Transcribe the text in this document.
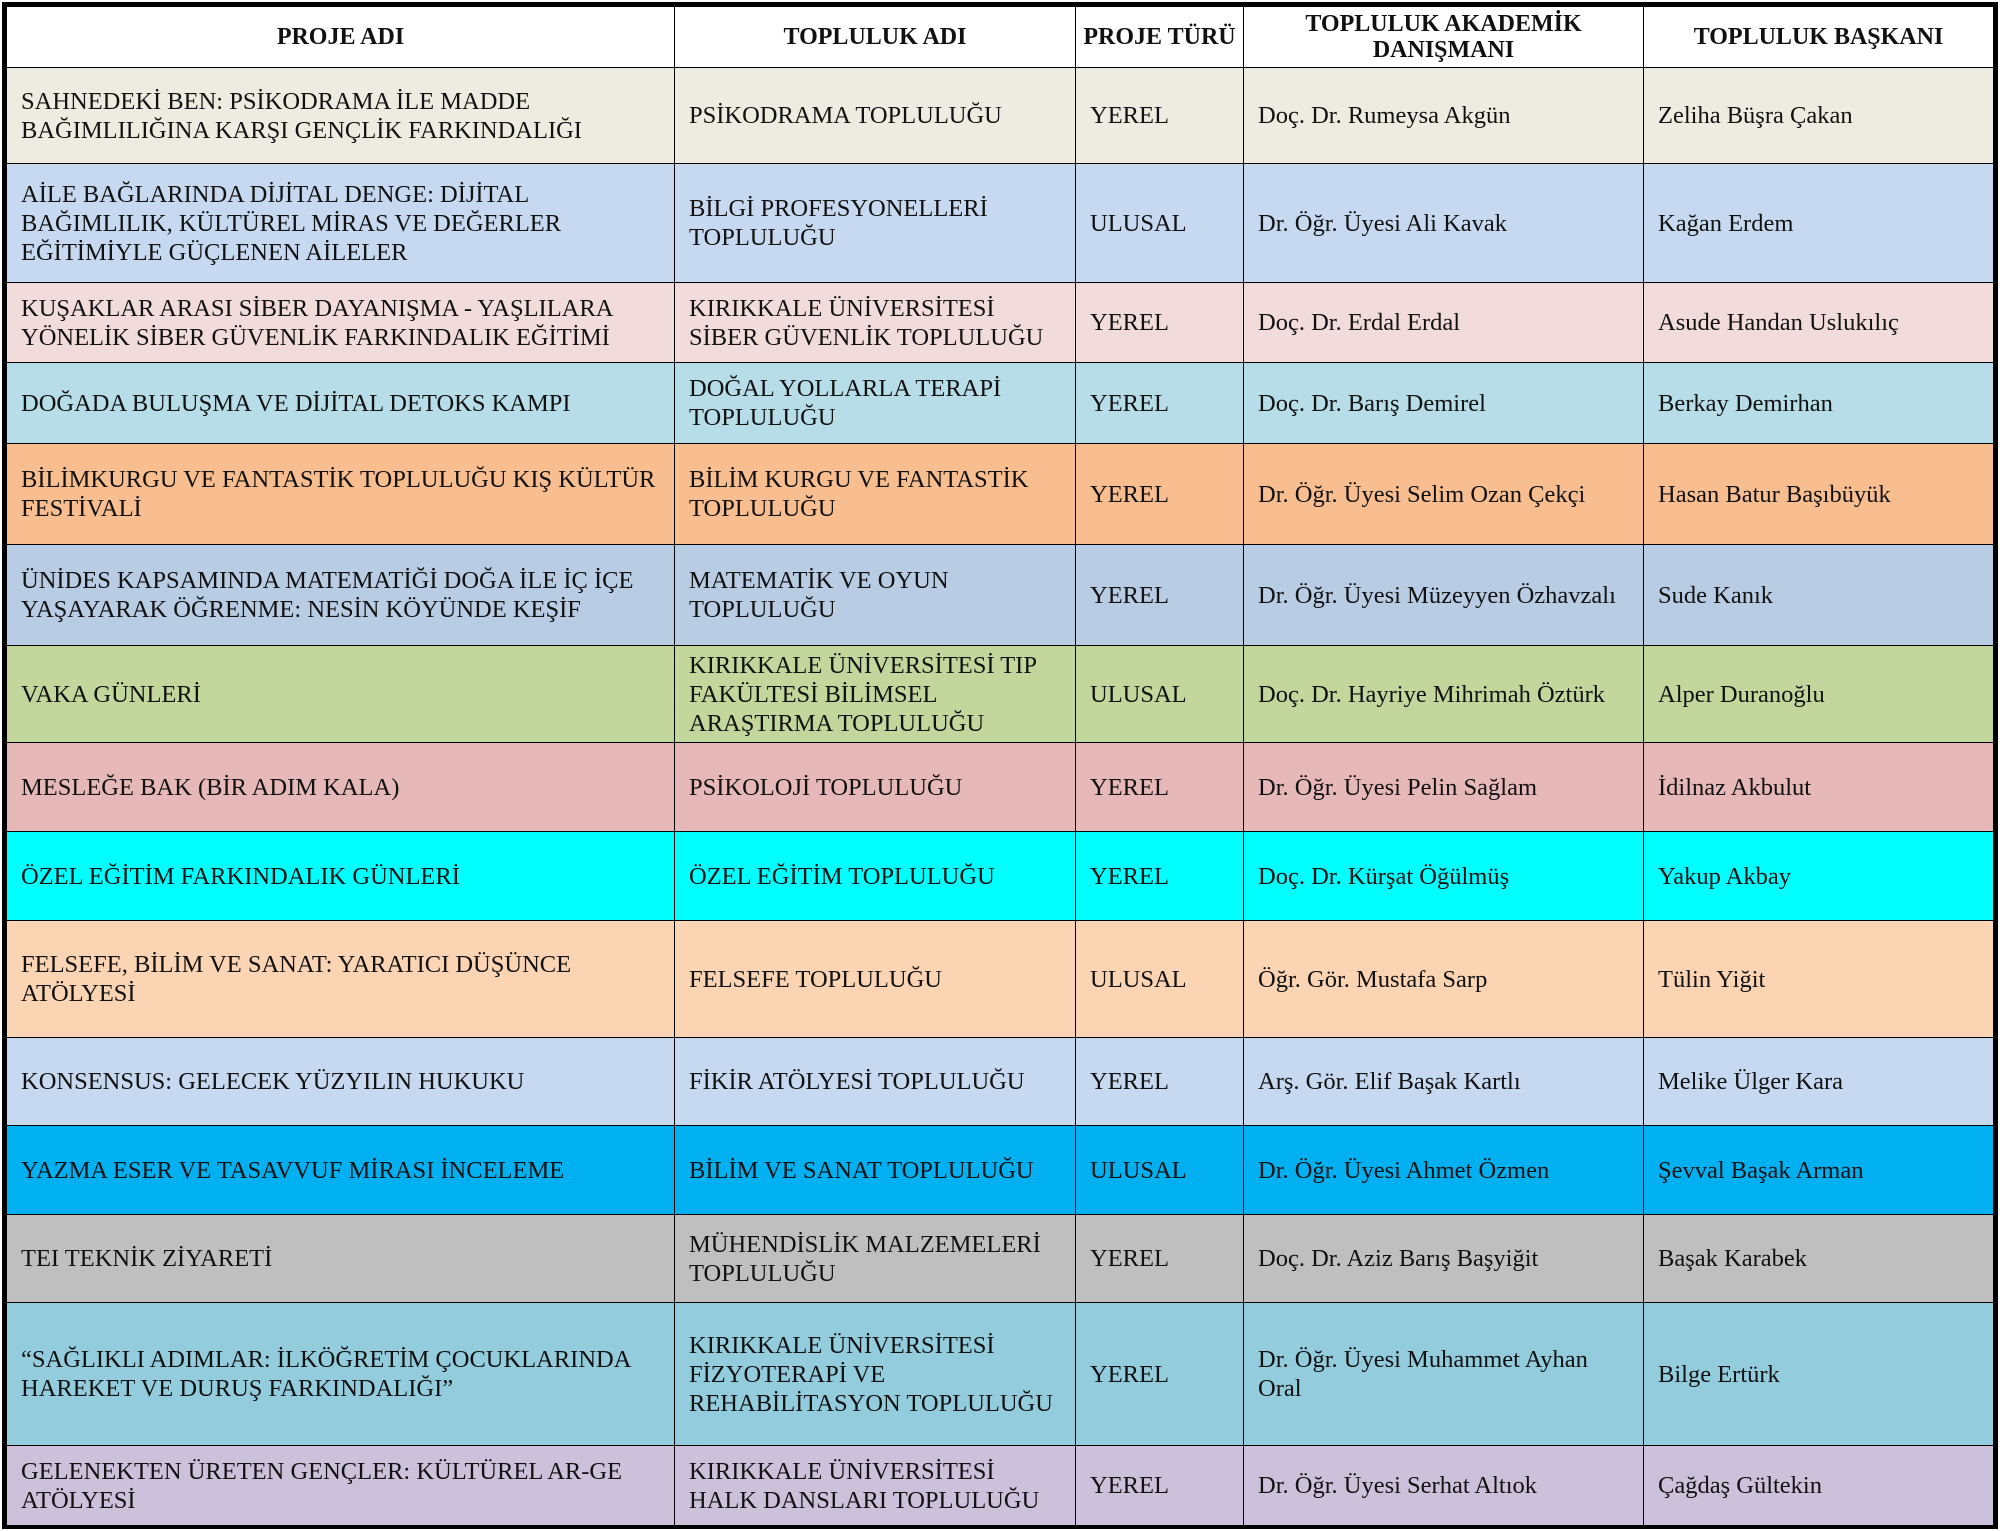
PROJE ADI	TOPLULUK ADI	PROJE TÜRÜ	TOPLULUK AKADEMİK DANIŞMANI	TOPLULUK BAŞKANI
SAHNEDEKİ BEN: PSİKODRAMA İLE MADDE BAĞIMLILIĞINA KARŞI GENÇLİK FARKINDALIĞI	PSİKODRAMA TOPLULUĞU	YEREL	Doç. Dr. Rumeysa Akgün	Zeliha Büşra Çakan
AİLE BAĞLARINDA DİJİTAL DENGE: DİJİTAL BAĞIMLILIK, KÜLTÜREL MİRAS VE DEĞERLER EĞİTİMİYLE GÜÇLENEN AİLELER	BİLGİ PROFESYONELLERİ TOPLULUĞU	ULUSAL	Dr. Öğr. Üyesi Ali Kavak	Kağan Erdem
KUŞAKLAR ARASI SİBER DAYANIŞMA - YAŞLILARA YÖNELİK SİBER GÜVENLİK FARKINDALIK EĞİTİMİ	KIRIKKALE ÜNİVERSİTESİ SİBER GÜVENLİK TOPLULUĞU	YEREL	Doç. Dr. Erdal Erdal	Asude Handan Uslukılıç
DOĞADA BULUŞMA VE DİJİTAL DETOKS KAMPI	DOĞAL YOLLARLA TERAPİ TOPLULUĞU	YEREL	Doç. Dr. Barış Demirel	Berkay Demirhan
BİLİMKURGU VE FANTASTİK TOPLULUĞU KIŞ KÜLTÜR FESTİVALİ	BİLİM KURGU VE FANTASTİK TOPLULUĞU	YEREL	Dr. Öğr. Üyesi Selim Ozan Çekçi	Hasan Batur Başıbüyük
ÜNİDES KAPSAMINDA MATEMATİĞİ DOĞA İLE İÇ İÇE YAŞAYARAK ÖĞRENME: NESİN KÖYÜNDE KEŞİF	MATEMATİK VE OYUN TOPLULUĞU	YEREL	Dr. Öğr. Üyesi Müzeyyen Özhavzalı	Sude Kanık
VAKA GÜNLERİ	KIRIKKALE ÜNİVERSİTESİ TIP FAKÜLTESİ BİLİMSEL ARAŞTIRMA TOPLULUĞU	ULUSAL	Doç. Dr. Hayriye Mihrimah Öztürk	Alper Duranoğlu
MESLEĞE BAK (BİR ADIM KALA)	PSİKOLOJİ TOPLULUĞU	YEREL	Dr. Öğr. Üyesi Pelin Sağlam	İdilnaz Akbulut
ÖZEL EĞİTİM FARKINDALIK GÜNLERİ	ÖZEL EĞİTİM TOPLULUĞU	YEREL	Doç. Dr. Kürşat Öğülmüş	Yakup Akbay
FELSEFE, BİLİM VE SANAT: YARATICI DÜŞÜNCE ATÖLYESİ	FELSEFE TOPLULUĞU	ULUSAL	Öğr. Gör. Mustafa Sarp	Tülin Yiğit
KONSENSUS: GELECEK YÜZYILIN HUKUKU	FİKİR ATÖLYESİ TOPLULUĞU	YEREL	Arş. Gör. Elif Başak Kartlı	Melike Ülger Kara
YAZMA ESER VE TASAVVUF MİRASI İNCELEME	BİLİM VE SANAT TOPLULUĞU	ULUSAL	Dr. Öğr. Üyesi Ahmet Özmen	Şevval Başak Arman
TEI TEKNİK ZİYARETİ	MÜHENDİSLİK MALZEMELERİ TOPLULUĞU	YEREL	Doç. Dr. Aziz Barış Başyiğit	Başak Karabek
“SAĞLIKLI ADIMLAR: İLKÖĞRETİM ÇOCUKLARINDA HAREKET VE DURUŞ FARKINDALIĞI”	KIRIKKALE ÜNİVERSİTESİ FİZYOTERAPİ VE REHABİLİTASYON TOPLULUĞU	YEREL	Dr. Öğr. Üyesi Muhammet Ayhan Oral	Bilge Ertürk
GELENEKTEN ÜRETEN GENÇLER: KÜLTÜREL AR-GE ATÖLYESİ	KIRIKKALE ÜNİVERSİTESİ HALK DANSLARI TOPLULUĞU	YEREL	Dr. Öğr. Üyesi Serhat Altıok	Çağdaş Gültekin
